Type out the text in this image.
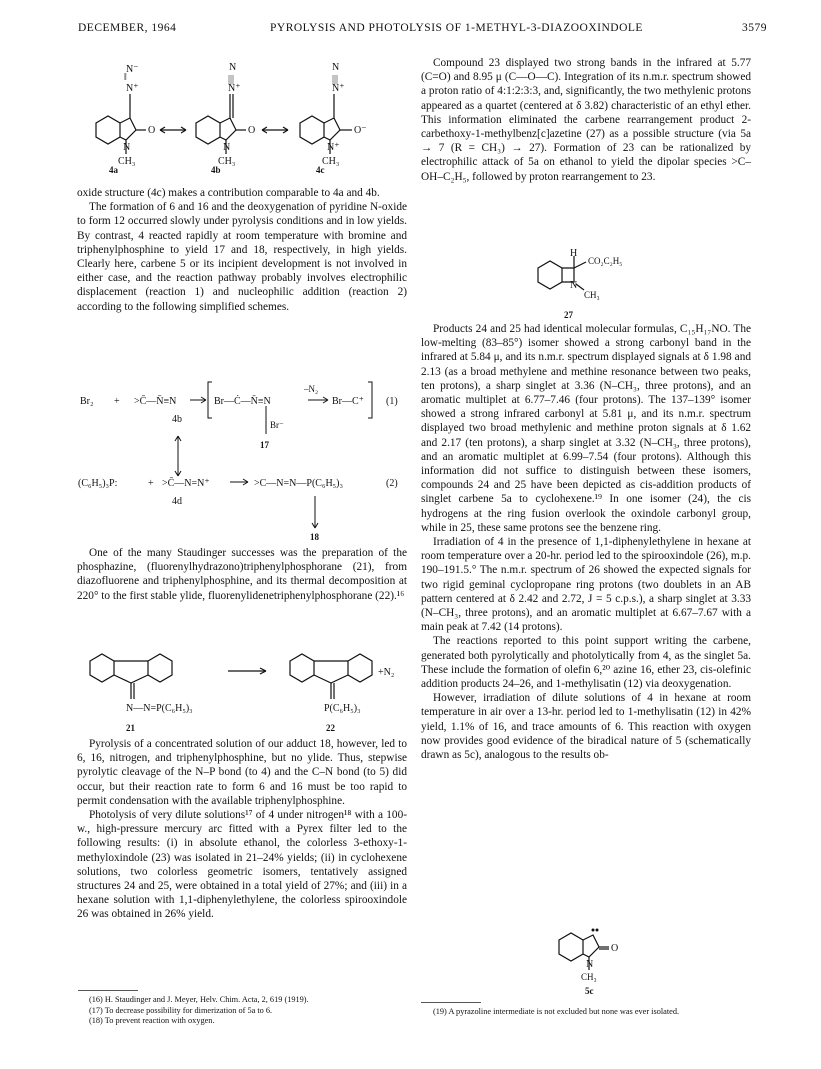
DECEMBER, 1964	PYROLYSIS AND PHOTOLYSIS OF 1-METHYL-3-DIAZOOXINDOLE	3579
N⁻
‖
N⁺
O
N
CH₃
N
|||
N⁺
O
N
CH₃
N
|||
N⁺
O⁻
N⁺
CH₃
4a	4b	4c

oxide structure (4c) makes a contribution comparable to 4a and 4b.

The formation of 6 and 16 and the deoxygenation of pyridine N-oxide to form 12 occurred slowly under pyrolysis conditions and in low yields. By contrast, 4 reacted rapidly at room temperature with bromine and triphenylphosphine to yield 17 and 18, respectively, in high yields. Clearly here, carbene 5 or its incipient development is not involved in either case, and the reaction pathway probably involves electrophilic displacement (reaction 1) and nucleophilic addition (reaction 2) according to the following simplified schemes.

Br₂ + >C̄—N̄≡N
4b
Br—Ċ—N̄≡N
–N₂
Br—C⁺
Br⁻
17
(1)
(C₆H₅)₃P:	+ >C̄—N=N⁺
4d
>C—N=N—P(C₆H₅)₃	(2)
18

One of the many Staudinger successes was the preparation of the phosphazine, (fluorenylhydrazono)triphenylphosphorane (21), from diazofluorene and triphenylphosphine, and its thermal decomposition at 220° to the first stable ylide, fluorenylidenetriphenylphosphorane (22).¹⁶

+N₂
N—N=P(C₆H₅)₃	P(C₆H₅)₃
21	22

Pyrolysis of a concentrated solution of our adduct 18, however, led to 6, 16, nitrogen, and triphenylphosphine, but no ylide. Thus, stepwise pyrolytic cleavage of the N–P bond (to 4) and the C–N bond (to 5) did occur, but their reaction rate to form 6 and 16 must be too rapid to permit condensation with the available triphenylphosphine.

Photolysis of very dilute solutions¹⁷ of 4 under nitrogen¹⁸ with a 100-w., high-pressure mercury arc fitted with a Pyrex filter led to the following results: (i) in absolute ethanol, the colorless 3-ethoxy-1-methyloxindole (23) was isolated in 21–24% yields; (ii) in cyclohexene solutions, two colorless geometric isomers, tentatively assigned structures 24 and 25, were obtained in a total yield of 27%; and (iii) in a hexane solution with 1,1-diphenylethylene, the colorless spirooxindole 26 was obtained in 26% yield.

(16) H. Staudinger and J. Meyer, Helv. Chim. Acta, 2, 619 (1919).

(17) To decrease possibility for dimerization of 5a to 6.

(18) To prevent reaction with oxygen.

Compound 23 displayed two strong bands in the infrared at 5.77 (C=O) and 8.95 μ (C—O—C). Integration of its n.m.r. spectrum showed a proton ratio of 4:1:2:3:3, and, significantly, the two methylenic protons appeared as a quartet (centered at δ 3.82) characteristic of an ethyl ether. This information eliminated the carbene rearrangement product 2-carbethoxy-1-methylbenz[c]azetine (27) as a possible structure (via 5a → 7 (R = CH₃) → 27). Formation of 23 can be rationalized by electrophilic attack of 5a on ethanol to yield the dipolar species >C–OH–C₂H₅, followed by proton rearrangement to 23.

H
CO₂C₂H₅
N
CH₃
27

Products 24 and 25 had identical molecular formulas, C₁₅H₁₇NO. The low-melting (83–85°) isomer showed a strong carbonyl band in the infrared at 5.84 μ, and its n.m.r. spectrum displayed signals at δ 1.98 and 2.13 (as a broad methylene and methine resonance between two peaks, ten protons), a sharp singlet at 3.36 (N–CH₃, three protons), and an aromatic multiplet at 6.77–7.46 (four protons). The 137–139° isomer showed a strong infrared carbonyl at 5.81 μ, and its n.m.r. spectrum displayed two broad methylenic and methine proton signals at δ 1.62 and 2.17 (ten protons), a sharp singlet at 3.32 (N–CH₃, three protons), and an aromatic multiplet at 6.99–7.54 (four protons). Although this information did not suffice to distinguish between these isomers, compounds 24 and 25 have been depicted as cis-addition products of singlet carbene 5a to cyclohexene.¹⁹ In one isomer (24), the cis hydrogens at the ring fusion overlook the oxindole carbonyl group, while in 25, these same protons see the benzene ring.

Irradiation of 4 in the presence of 1,1-diphenylethylene in hexane at room temperature over a 20-hr. period led to the spirooxindole (26), m.p. 190–191.5.° The n.m.r. spectrum of 26 showed the expected signals for two rigid geminal cyclopropane ring protons (two doublets in an AB pattern centered at δ 2.42 and 2.72, J = 5 c.p.s.), a sharp singlet at 3.33 (N–CH₃, three protons), and an aromatic multiplet at 6.67–7.67 with a main peak at 7.42 (14 protons).

The reactions reported to this point support writing the carbene, generated both pyrolytically and photolytically from 4, as the singlet 5a. These include the formation of olefin 6,²⁰ azine 16, ether 23, cis-olefinic addition products 24–26, and 1-methylisatin (12) via deoxygenation.

However, irradiation of dilute solutions of 4 in hexane at room temperature in air over a 13-hr. period led to 1-methylisatin (12) in 42% yield, 1.1% of 16, and trace amounts of 6. This reaction with oxygen now provides good evidence of the biradical nature of 5 (schematically drawn as 5c), analogous to the results ob-

O
N
CH₃
5c

(19) A pyrazoline intermediate is not excluded but none was ever isolated.
